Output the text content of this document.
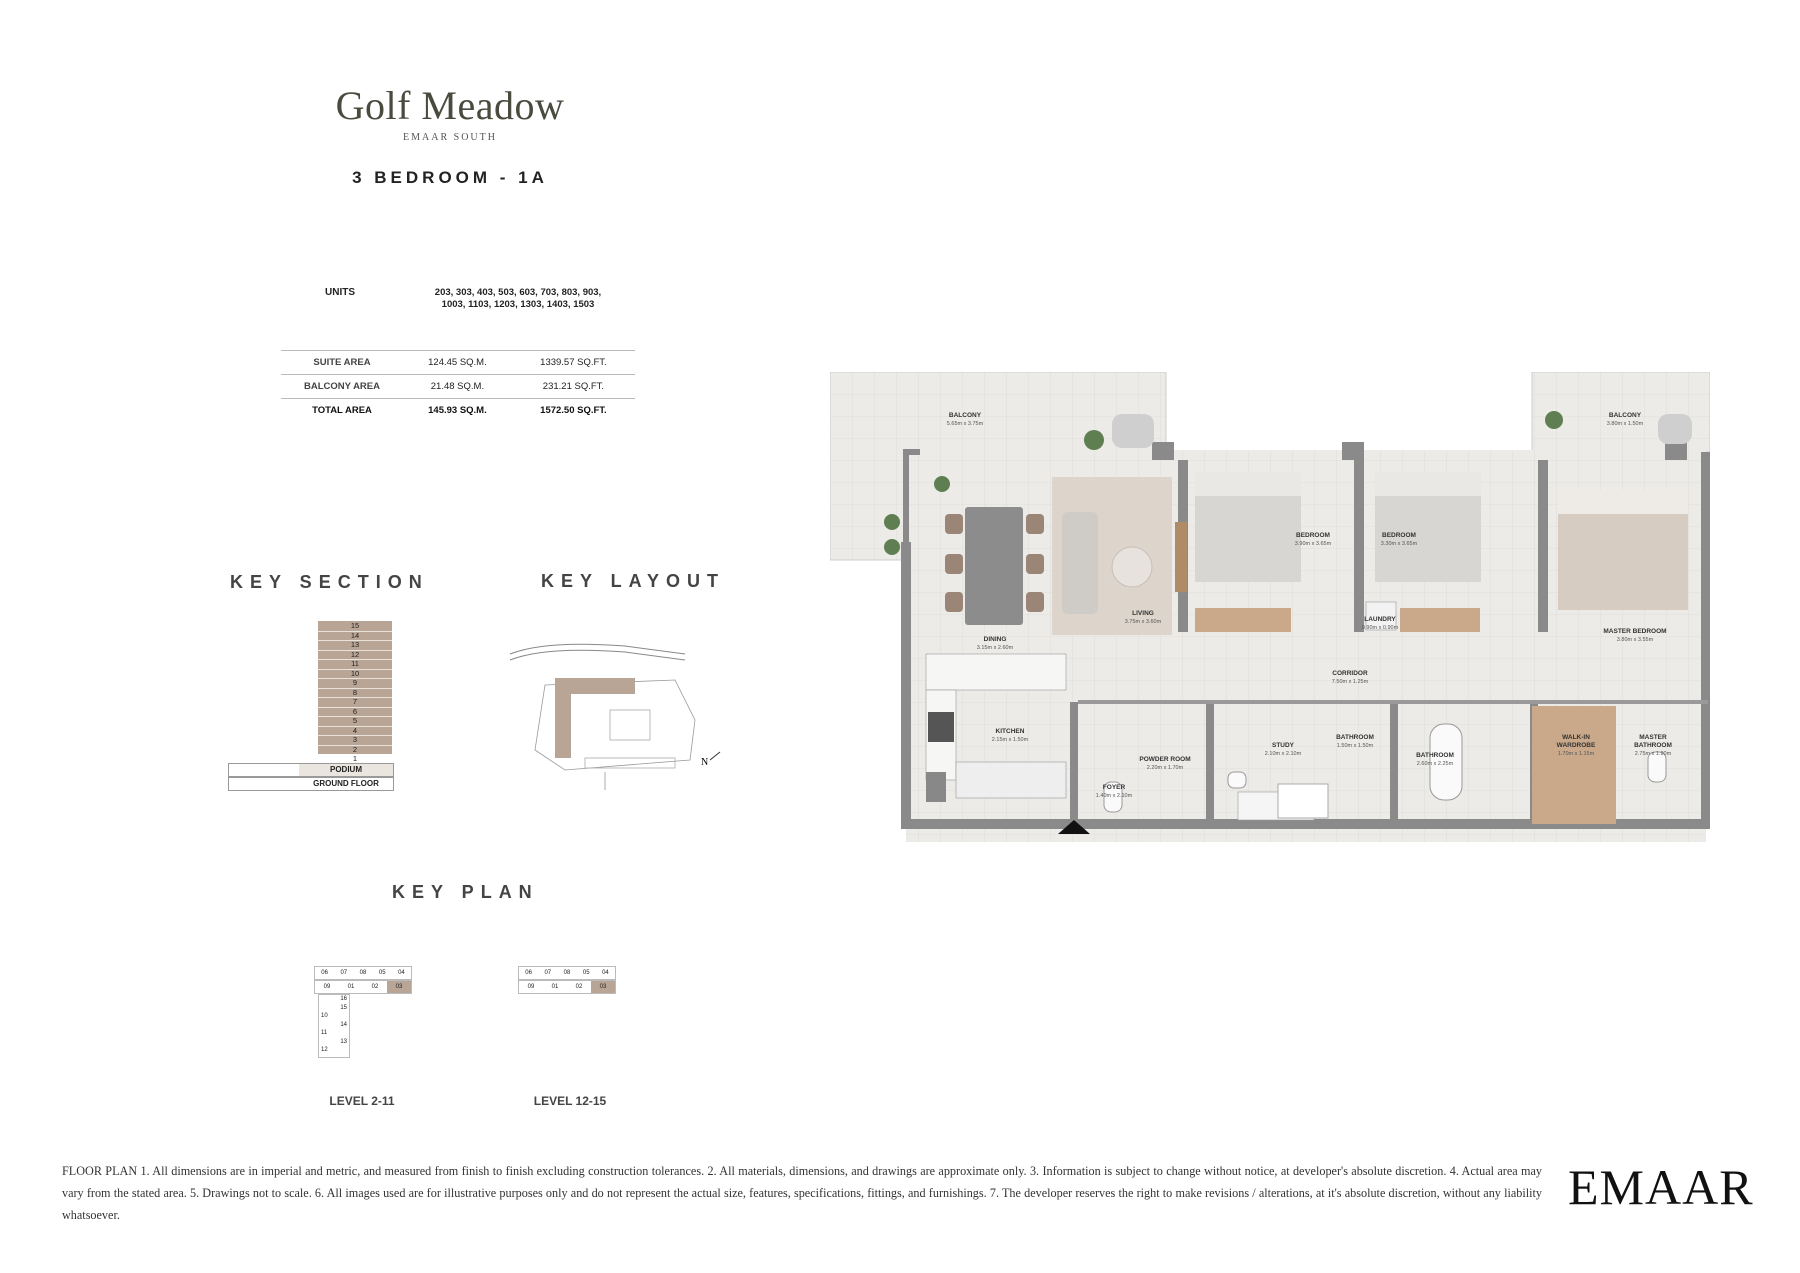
Golf Meadow
EMAAR SOUTH
3 BEDROOM - 1A
UNITS	203, 303, 403, 503, 603, 703, 803, 903,
1003, 1103, 1203, 1303, 1403, 1503
SUITE AREA	124.45 SQ.M.	1339.57 SQ.FT.
BALCONY AREA	21.48 SQ.M.	231.21 SQ.FT.
TOTAL AREA	145.93 SQ.M.	1572.50 SQ.FT.
KEY SECTION
15
14
13
12
11
10
9
8
7
6
5
4
3
2
1
PODIUM
GROUND FLOOR
KEY LAYOUT
N
KEY PLAN
06	07	08	05	04
09	01	02	03
16
15
10
14
11
13
12
LEVEL 2-11
06	07	08	05	04
09	01	02	03
LEVEL 12-15
BALCONY
5.65m x 3.75m
BALCONY
3.80m x 1.50m
DINING
3.15m x 2.60m
LIVING
3.75m x 3.60m
BEDROOM
3.90m x 3.65m
BEDROOM
3.30m x 3.65m
LAUNDRY
0.90m x 0.90m	MASTER BEDROOM
3.80m x 3.55m
CORRIDOR
7.50m x 1.25m
KITCHEN
2.15m x 1.50m
POWDER ROOM
2.20m x 1.70m
STUDY
2.10m x 2.10m
BATHROOM
1.50m x 1.50m
BATHROOM
2.60m x 2.25m
WALK-IN WARDROBE
1.70m x 1.15m
MASTER BATHROOM
2.75m x 1.90m
FOYER
1.40m x 2.10m
FLOOR PLAN 1. All dimensions are in imperial and metric, and measured from finish to finish excluding construction tolerances. 2. All materials, dimensions, and drawings are approximate only. 3. Information is subject to change without notice, at developer's absolute discretion. 4. Actual area may vary from the stated area. 5. Drawings not to scale. 6. All images used are for illustrative purposes only and do not represent the actual size, features, specifications, fittings, and furnishings. 7. The developer reserves the right to make revisions / alterations, at it's absolute discretion, without any liability whatsoever.	EMAAR
